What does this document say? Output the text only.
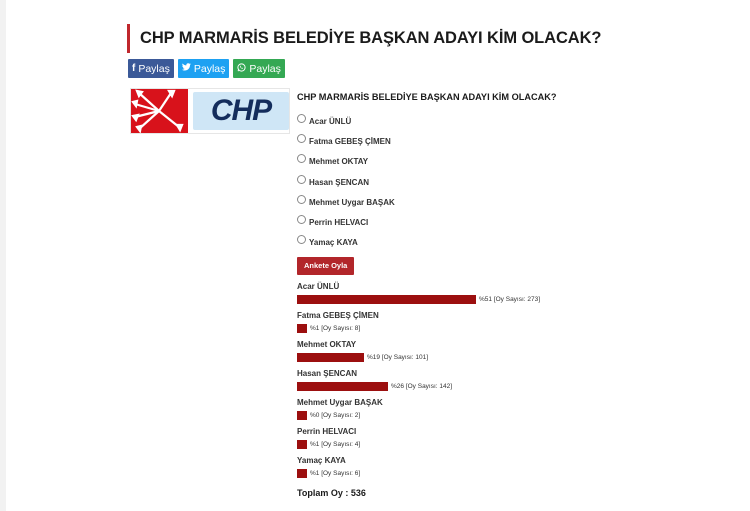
CHP MARMARİS BELEDİYE BAŞKAN ADAYI KİM OLACAK?
f Paylaş Paylaş Paylaş
CHP	CHP MARMARİS BELEDİYE BAŞKAN ADAYI KİM OLACAK?
Acar ÜNLÜ
Fatma GEBEŞ ÇİMEN
Mehmet OKTAY
Hasan ŞENCAN
Mehmet Uygar BAŞAK
Perrin HELVACI
Yamaç KAYA
Ankete Oyla
Acar ÜNLÜ
%51 [Oy Sayısı: 273]
Fatma GEBEŞ ÇİMEN
%1 [Oy Sayısı: 8]
Mehmet OKTAY
%19 [Oy Sayısı: 101]
Hasan ŞENCAN
%26 [Oy Sayısı: 142]
Mehmet Uygar BAŞAK
%0 [Oy Sayısı: 2]
Perrin HELVACI
%1 [Oy Sayısı: 4]
Yamaç KAYA
%1 [Oy Sayısı: 6]
Toplam Oy : 536
